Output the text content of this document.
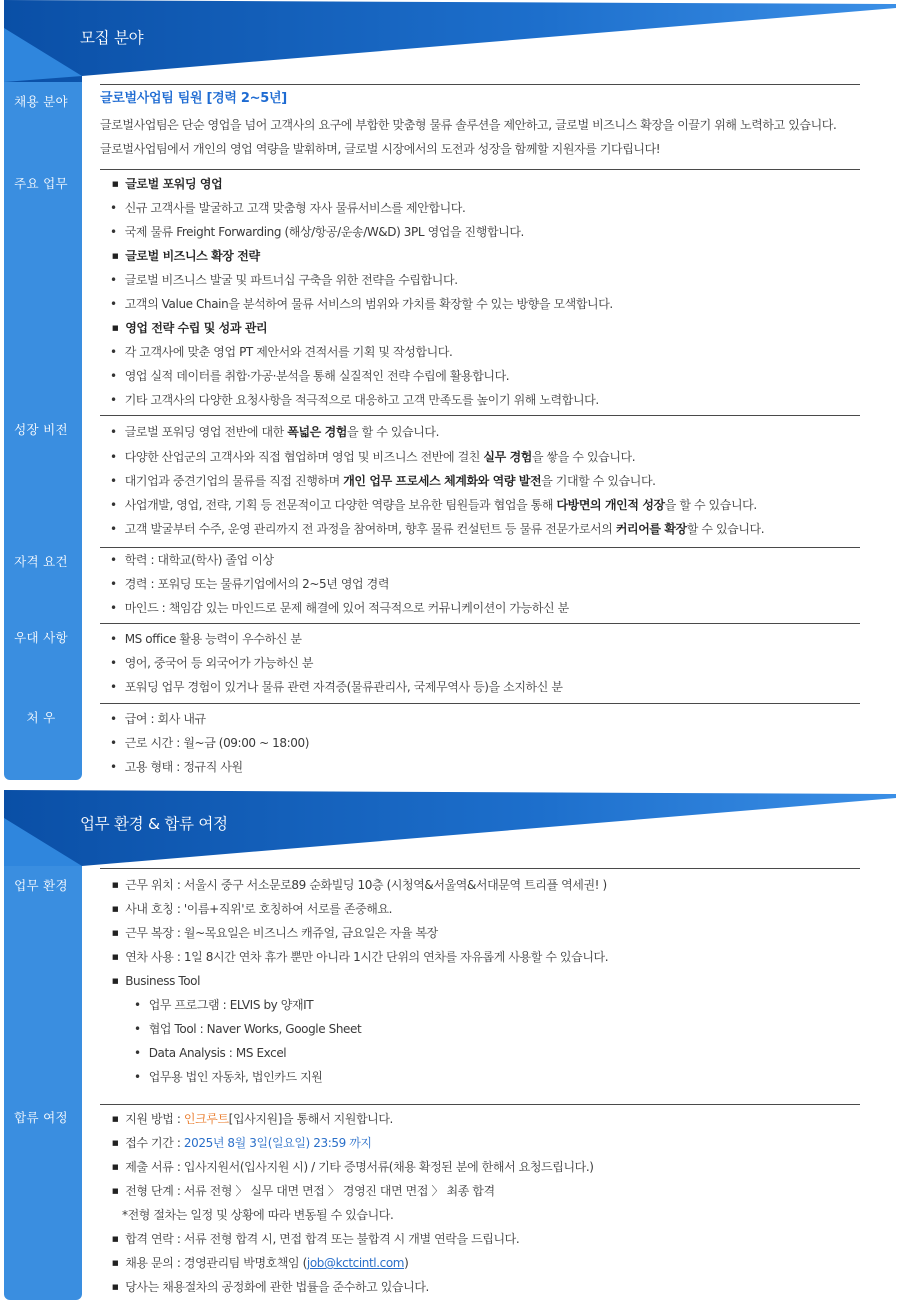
모집 분야
채용 분야
주요 업무
성장 비전
자격 요건
우대 사항
처 우
글로벌사업팀 팀원 [경력 2~5년]
글로벌사업팀은 단순 영업을 넘어 고객사의 요구에 부합한 맞춤형 물류 솔루션을 제안하고, 글로벌 비즈니스 확장을 이끌기 위해 노력하고 있습니다.
글로벌사업팀에서 개인의 영업 역량을 발휘하며, 글로벌 시장에서의 도전과 성장을 함께할 지원자를 기다립니다!
■ 글로벌 포워딩 영업
• 신규 고객사를 발굴하고 고객 맞춤형 자사 물류서비스를 제안합니다.
• 국제 물류 Freight Forwarding (해상/항공/운송/W&D) 3PL 영업을 진행합니다.
■ 글로벌 비즈니스 확장 전략
• 글로벌 비즈니스 발굴 및 파트너십 구축을 위한 전략을 수립합니다.
• 고객의 Value Chain을 분석하여 물류 서비스의 범위와 가치를 확장할 수 있는 방향을 모색합니다.
■ 영업 전략 수립 및 성과 관리
• 각 고객사에 맞춘 영업 PT 제안서와 견적서를 기획 및 작성합니다.
• 영업 실적 데이터를 취합·가공·분석을 통해 실질적인 전략 수립에 활용합니다.
• 기타 고객사의 다양한 요청사항을 적극적으로 대응하고 고객 만족도를 높이기 위해 노력합니다.
• 글로벌 포워딩 영업 전반에 대한 폭넓은 경험을 할 수 있습니다.
• 다양한 산업군의 고객사와 직접 협업하며 영업 및 비즈니스 전반에 걸친 실무 경험을 쌓을 수 있습니다.
• 대기업과 중견기업의 물류를 직접 진행하며 개인 업무 프로세스 체계화와 역량 발전을 기대할 수 있습니다.
• 사업개발, 영업, 전략, 기획 등 전문적이고 다양한 역량을 보유한 팀원들과 협업을 통해 다방면의 개인적 성장을 할 수 있습니다.
• 고객 발굴부터 수주, 운영 관리까지 전 과정을 참여하며, 향후 물류 컨설턴트 등 물류 전문가로서의 커리어를 확장할 수 있습니다.
• 학력 : 대학교(학사) 졸업 이상
• 경력 : 포워딩 또는 물류기업에서의 2~5년 영업 경력
• 마인드 : 책임감 있는 마인드로 문제 해결에 있어 적극적으로 커뮤니케이션이 가능하신 분
• MS office 활용 능력이 우수하신 분
• 영어, 중국어 등 외국어가 가능하신 분
• 포워딩 업무 경험이 있거나 물류 관련 자격증(물류관리사, 국제무역사 등)을 소지하신 분
• 급여 : 회사 내규
• 근로 시간 : 월~금 (09:00 ~ 18:00)
• 고용 형태 : 정규직 사원
업무 환경 & 합류 여정
업무 환경
합류 여정
■ 근무 위치 : 서울시 중구 서소문로89 순화빌딩 10층 (시청역&서울역&서대문역 트리플 역세권! )
■ 사내 호칭 : '이름+직위'로 호칭하여 서로를 존중해요.
■ 근무 복장 : 월~목요일은 비즈니스 캐쥬얼, 금요일은 자율 복장
■ 연차 사용 : 1일 8시간 연차 휴가 뿐만 아니라 1시간 단위의 연차를 자유롭게 사용할 수 있습니다.
■ Business Tool
• 업무 프로그램 : ELVIS by 양재IT
• 협업 Tool : Naver Works, Google Sheet
• Data Analysis : MS Excel
• 업무용 법인 자동차, 법인카드 지원
■ 지원 방법 : 인크루트[입사지원]을 통해서 지원합니다.
■ 접수 기간 : 2025년 8월 3일(일요일) 23:59 까지
■ 제출 서류 : 입사지원서(입사지원 시) / 기타 증명서류(채용 확정된 분에 한해서 요청드립니다.)
■ 전형 단계 : 서류 전형 〉 실무 대면 면접 〉 경영진 대면 면접 〉 최종 합격
*전형 절차는 일정 및 상황에 따라 변동될 수 있습니다.
■ 합격 연락 : 서류 전형 합격 시, 면접 합격 또는 불합격 시 개별 연락을 드립니다.
■ 채용 문의 : 경영관리팀 박명호책임 (job@kctcintl.com)
■ 당사는 채용절차의 공정화에 관한 법률을 준수하고 있습니다.
